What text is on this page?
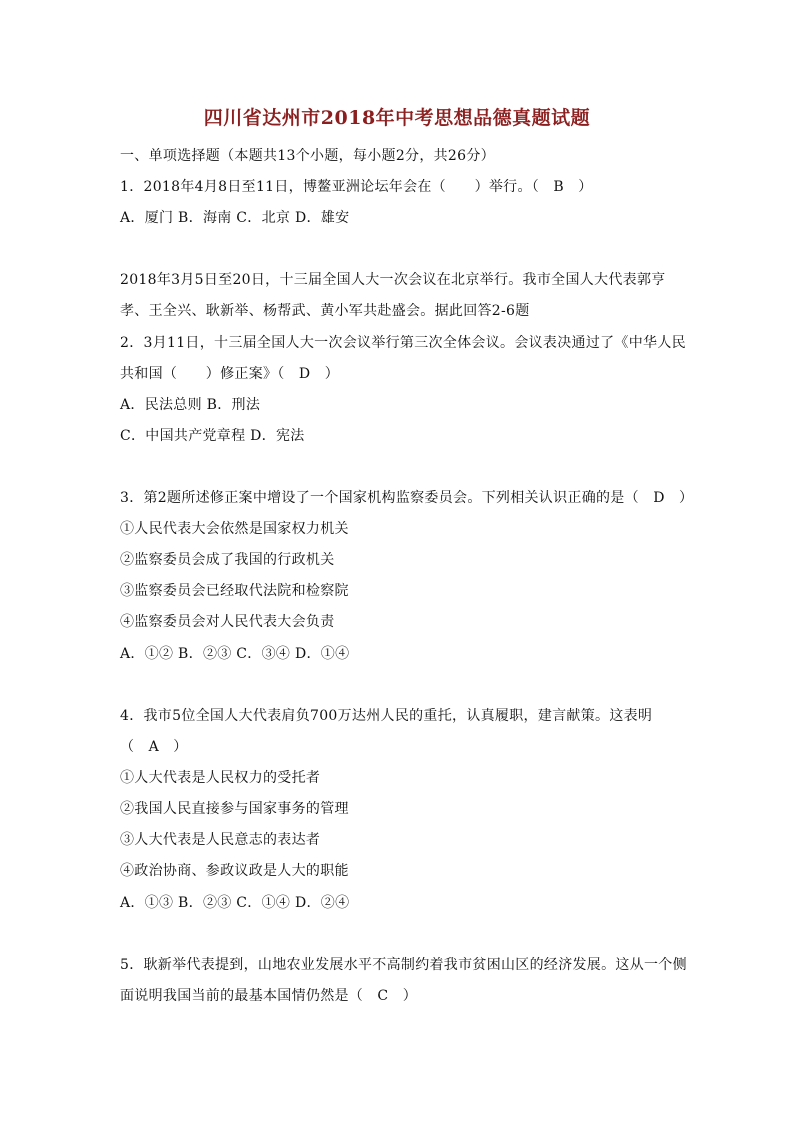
四川省达州市2018年中考思想品德真题试题
一、单项选择题（本题共13个小题，每小题2分，共26分）
1．2018年4月8日至11日，博鳌亚洲论坛年会在（　　）举行。（　B　）
A．厦门 B．海南 C．北京 D．雄安
2018年3月5日至20日，十三届全国人大一次会议在北京举行。我市全国人大代表郭亨
孝、王全兴、耿新举、杨帮武、黄小军共赴盛会。据此回答2-6题
2．3月11日，十三届全国人大一次会议举行第三次全体会议。会议表决通过了《中华人民
共和国（　　）修正案》（　D　）
A．民法总则 B．刑法
C．中国共产党章程 D．宪法
3．第2题所述修正案中增设了一个国家机构监察委员会。下列相关认识正确的是（　D　）
①人民代表大会依然是国家权力机关
②监察委员会成了我国的行政机关
③监察委员会已经取代法院和检察院
④监察委员会对人民代表大会负责
A．①② B．②③ C．③④ D．①④
4．我市5位全国人大代表肩负700万达州人民的重托，认真履职，建言献策。这表明
（　A　）
①人大代表是人民权力的受托者
②我国人民直接参与国家事务的管理
③人大代表是人民意志的表达者
④政治协商、参政议政是人大的职能
A．①③ B．②③ C．①④ D．②④
5．耿新举代表提到，山地农业发展水平不高制约着我市贫困山区的经济发展。这从一个侧
面说明我国当前的最基本国情仍然是（　C　）
